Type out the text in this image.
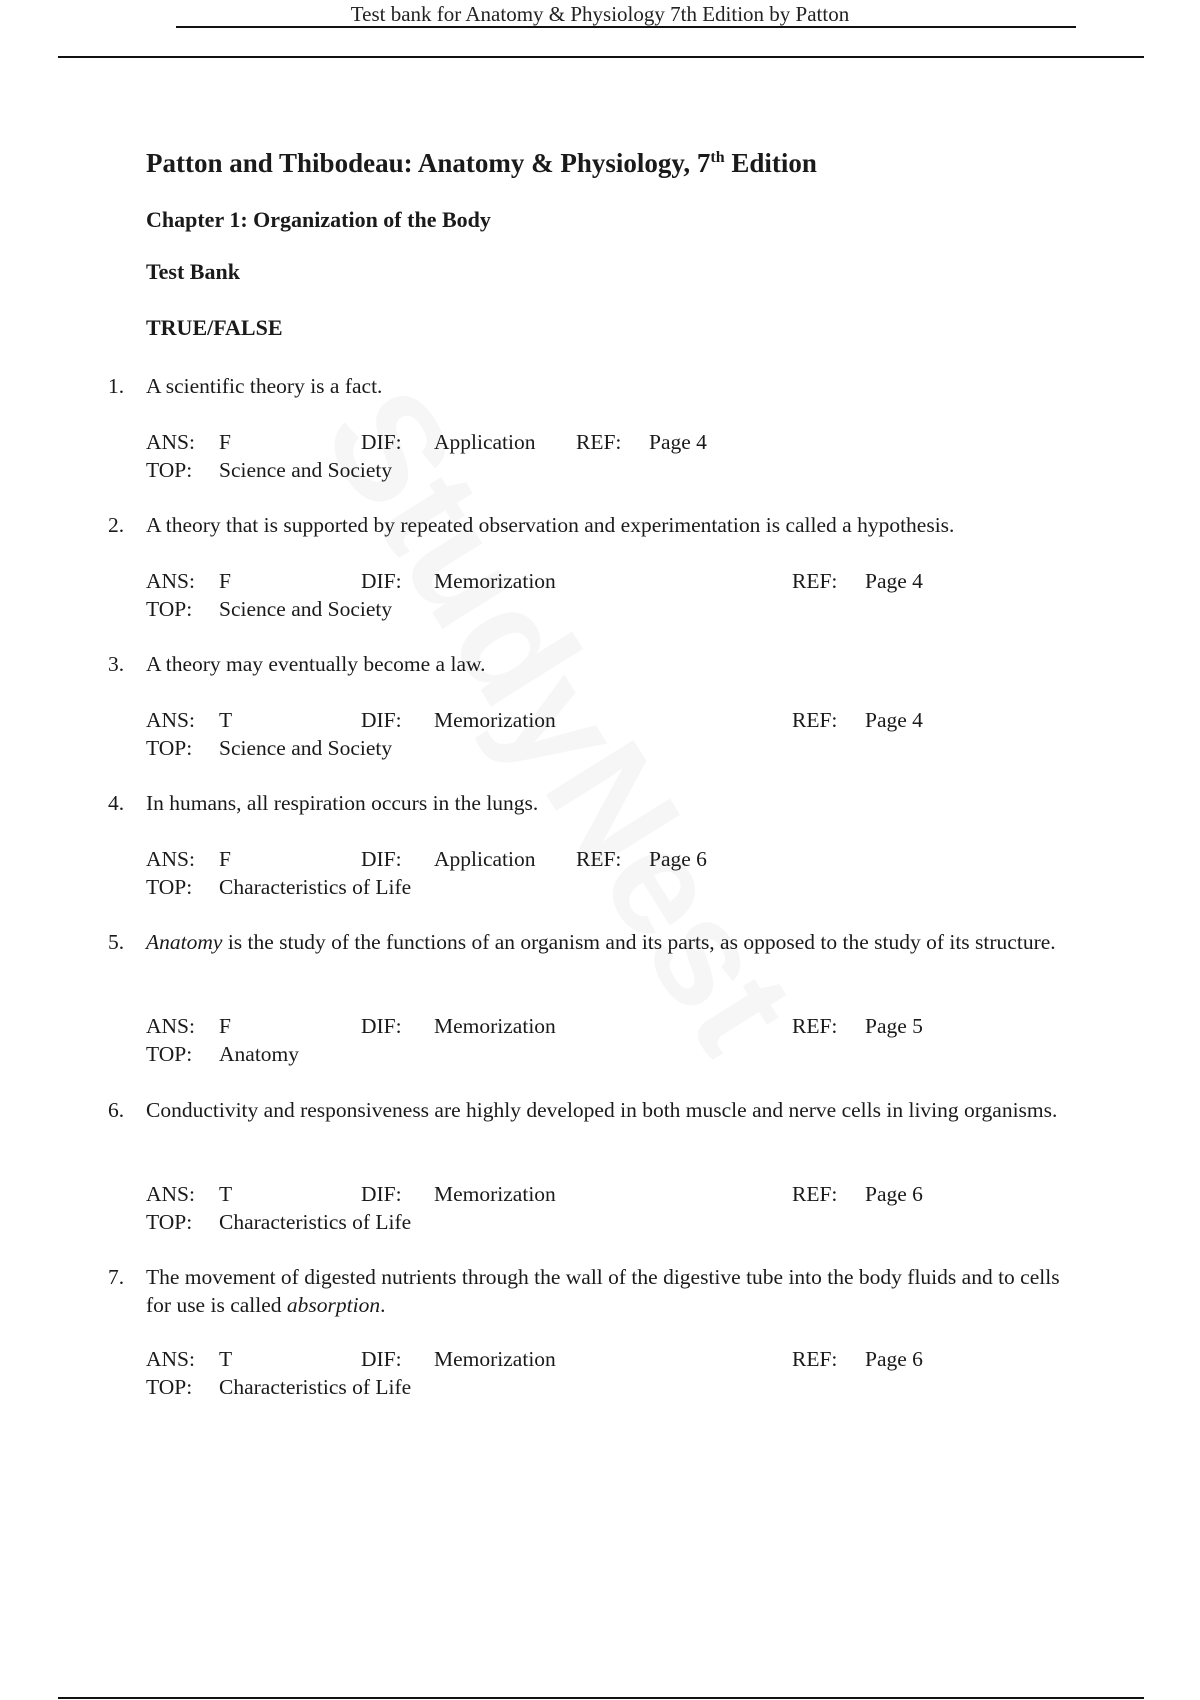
Test bank for Anatomy & Physiology 7th Edition by Patton
Patton and Thibodeau: Anatomy & Physiology, 7th Edition
Chapter 1: Organization of the Body
Test Bank
TRUE/FALSE
1. A scientific theory is a fact.
ANS: F	DIF: Application REF: Page 4
TOP: Science and Society
2. A theory that is supported by repeated observation and experimentation is called a hypothesis.
ANS: F	DIF: Memorization	REF: Page 4
TOP: Science and Society
3. A theory may eventually become a law.
ANS: T	DIF: Memorization	REF: Page 4
TOP: Science and Society
4. In humans, all respiration occurs in the lungs.
ANS: F	DIF: Application REF: Page 6
TOP: Characteristics of Life
5. Anatomy is the study of the functions of an organism and its parts, as opposed to the study of its structure.
ANS: F	DIF: Memorization	REF: Page 5
TOP: Anatomy
6. Conductivity and responsiveness are highly developed in both muscle and nerve cells in living organisms.
ANS: T	DIF: Memorization	REF: Page 6
TOP: Characteristics of Life
7. The movement of digested nutrients through the wall of the digestive tube into the body fluids and to cells for use is called absorption.
ANS: T	DIF: Memorization	REF: Page 6
TOP: Characteristics of Life
